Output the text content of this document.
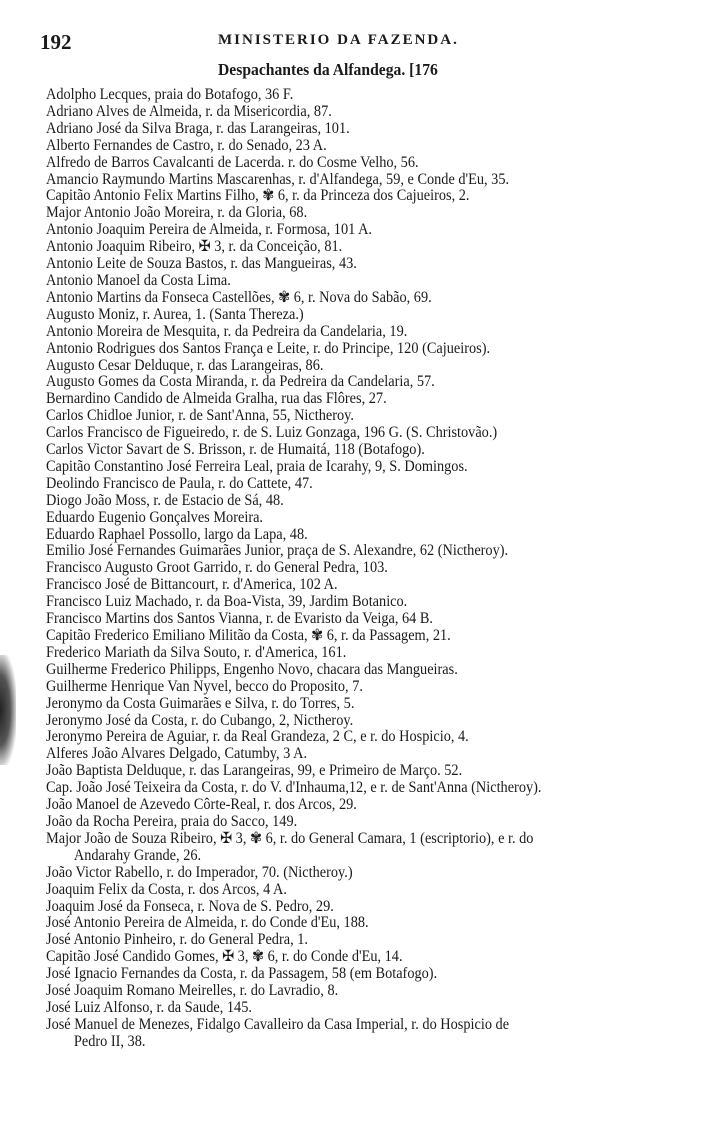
192	MINISTERIO DA FAZENDA.
Despachantes da Alfandega. [176
Adolpho Lecques, praia do Botafogo, 36 F.
Adriano Alves de Almeida, r. da Misericordia, 87.
Adriano José da Silva Braga, r. das Larangeiras, 101.
Alberto Fernandes de Castro, r. do Senado, 23 A.
Alfredo de Barros Cavalcanti de Lacerda. r. do Cosme Velho, 56.
Amancio Raymundo Martins Mascarenhas, r. d'Alfandega, 59, e Conde d'Eu, 35.
Capitão Antonio Felix Martins Filho, ✾ 6, r. da Princeza dos Cajueiros, 2.
Major Antonio João Moreira, r. da Gloria, 68.
Antonio Joaquim Pereira de Almeida, r. Formosa, 101 A.
Antonio Joaquim Ribeiro, ✠ 3, r. da Conceição, 81.
Antonio Leite de Souza Bastos, r. das Mangueiras, 43.
Antonio Manoel da Costa Lima.
Antonio Martins da Fonseca Castellões, ✾ 6, r. Nova do Sabão, 69.
Augusto Moniz, r. Aurea, 1. (Santa Thereza.)
Antonio Moreira de Mesquita, r. da Pedreira da Candelaria, 19.
Antonio Rodrigues dos Santos França e Leite, r. do Principe, 120 (Cajueiros).
Augusto Cesar Delduque, r. das Larangeiras, 86.
Augusto Gomes da Costa Miranda, r. da Pedreira da Candelaria, 57.
Bernardino Candido de Almeida Gralha, rua das Flôres, 27.
Carlos Chidloe Junior, r. de Sant'Anna, 55, Nictheroy.
Carlos Francisco de Figueiredo, r. de S. Luiz Gonzaga, 196 G. (S. Christovão.)
Carlos Victor Savart de S. Brisson, r. de Humaitá, 118 (Botafogo).
Capitão Constantino José Ferreira Leal, praia de Icarahy, 9, S. Domingos.
Deolindo Francisco de Paula, r. do Cattete, 47.
Diogo João Moss, r. de Estacio de Sá, 48.
Eduardo Eugenio Gonçalves Moreira.
Eduardo Raphael Possollo, largo da Lapa, 48.
Emilio José Fernandes Guimarães Junior, praça de S. Alexandre, 62 (Nictheroy).
Francisco Augusto Groot Garrido, r. do General Pedra, 103.
Francisco José de Bittancourt, r. d'America, 102 A.
Francisco Luiz Machado, r. da Boa-Vista, 39, Jardim Botanico.
Francisco Martins dos Santos Vianna, r. de Evaristo da Veiga, 64 B.
Capitão Frederico Emiliano Militão da Costa, ✾ 6, r. da Passagem, 21.
Frederico Mariath da Silva Souto, r. d'America, 161.
Guilherme Frederico Philipps, Engenho Novo, chacara das Mangueiras.
Guilherme Henrique Van Nyvel, becco do Proposito, 7.
Jeronymo da Costa Guimarães e Silva, r. do Torres, 5.
Jeronymo José da Costa, r. do Cubango, 2, Nictheroy.
Jeronymo Pereira de Aguiar, r. da Real Grandeza, 2 C, e r. do Hospicio, 4.
Alferes João Alvares Delgado, Catumby, 3 A.
João Baptista Delduque, r. das Larangeiras, 99, e Primeiro de Março. 52.
Cap. João José Teixeira da Costa, r. do V. d'Inhauma,12, e r. de Sant'Anna (Nictheroy).
João Manoel de Azevedo Côrte-Real, r. dos Arcos, 29.
João da Rocha Pereira, praia do Sacco, 149.
Major João de Souza Ribeiro, ✠ 3, ✾ 6, r. do General Camara, 1 (escriptorio), e r. do
Andarahy Grande, 26.
João Victor Rabello, r. do Imperador, 70. (Nictheroy.)
Joaquim Felix da Costa, r. dos Arcos, 4 A.
Joaquim José da Fonseca, r. Nova de S. Pedro, 29.
José Antonio Pereira de Almeida, r. do Conde d'Eu, 188.
José Antonio Pinheiro, r. do General Pedra, 1.
Capitão José Candido Gomes, ✠ 3, ✾ 6, r. do Conde d'Eu, 14.
José Ignacio Fernandes da Costa, r. da Passagem, 58 (em Botafogo).
José Joaquim Romano Meirelles, r. do Lavradio, 8.
José Luiz Alfonso, r. da Saude, 145.
José Manuel de Menezes, Fidalgo Cavalleiro da Casa Imperial, r. do Hospicio de
Pedro II, 38.
